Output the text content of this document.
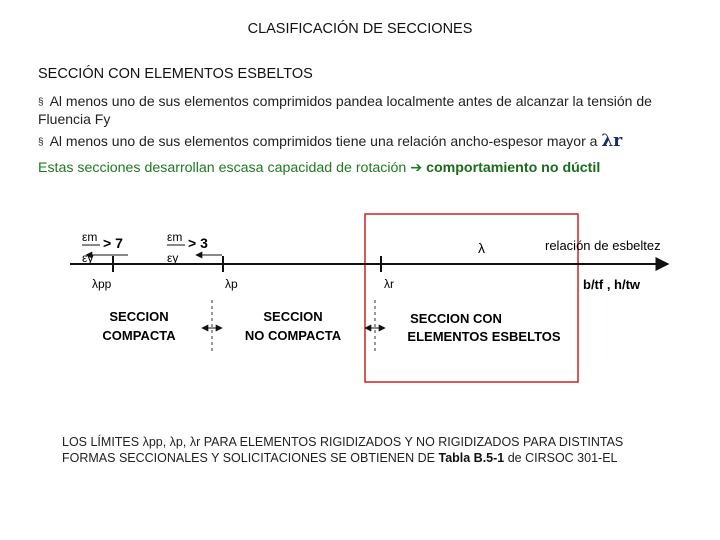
CLASIFICACIÓN DE SECCIONES
SECCIÓN CON ELEMENTOS ESBELTOS
§ Al menos uno de sus elementos comprimidos pandea localmente antes de alcanzar la tensión de Fluencia Fy
§ Al menos uno de sus elementos comprimidos tiene una relación ancho-espesor mayor a λr
Estas secciones desarrollan escasa capacidad de rotación ➔ comportamiento no dúctil
εm
εy
> 7	εm
εy
> 3	λ	relación de esbeltez
λpp	λp	λr	b/tf , h/tw
SECCION
COMPACTA
SECCION
NO COMPACTA
SECCION CON
ELEMENTOS ESBELTOS
LOS LÍMITES λpp, λp, λr PARA ELEMENTOS RIGIDIZADOS Y NO RIGIDIZADOS PARA DISTINTAS FORMAS SECCIONALES Y SOLICITACIONES SE OBTIENEN DE Tabla B.5-1 de CIRSOC 301-EL
